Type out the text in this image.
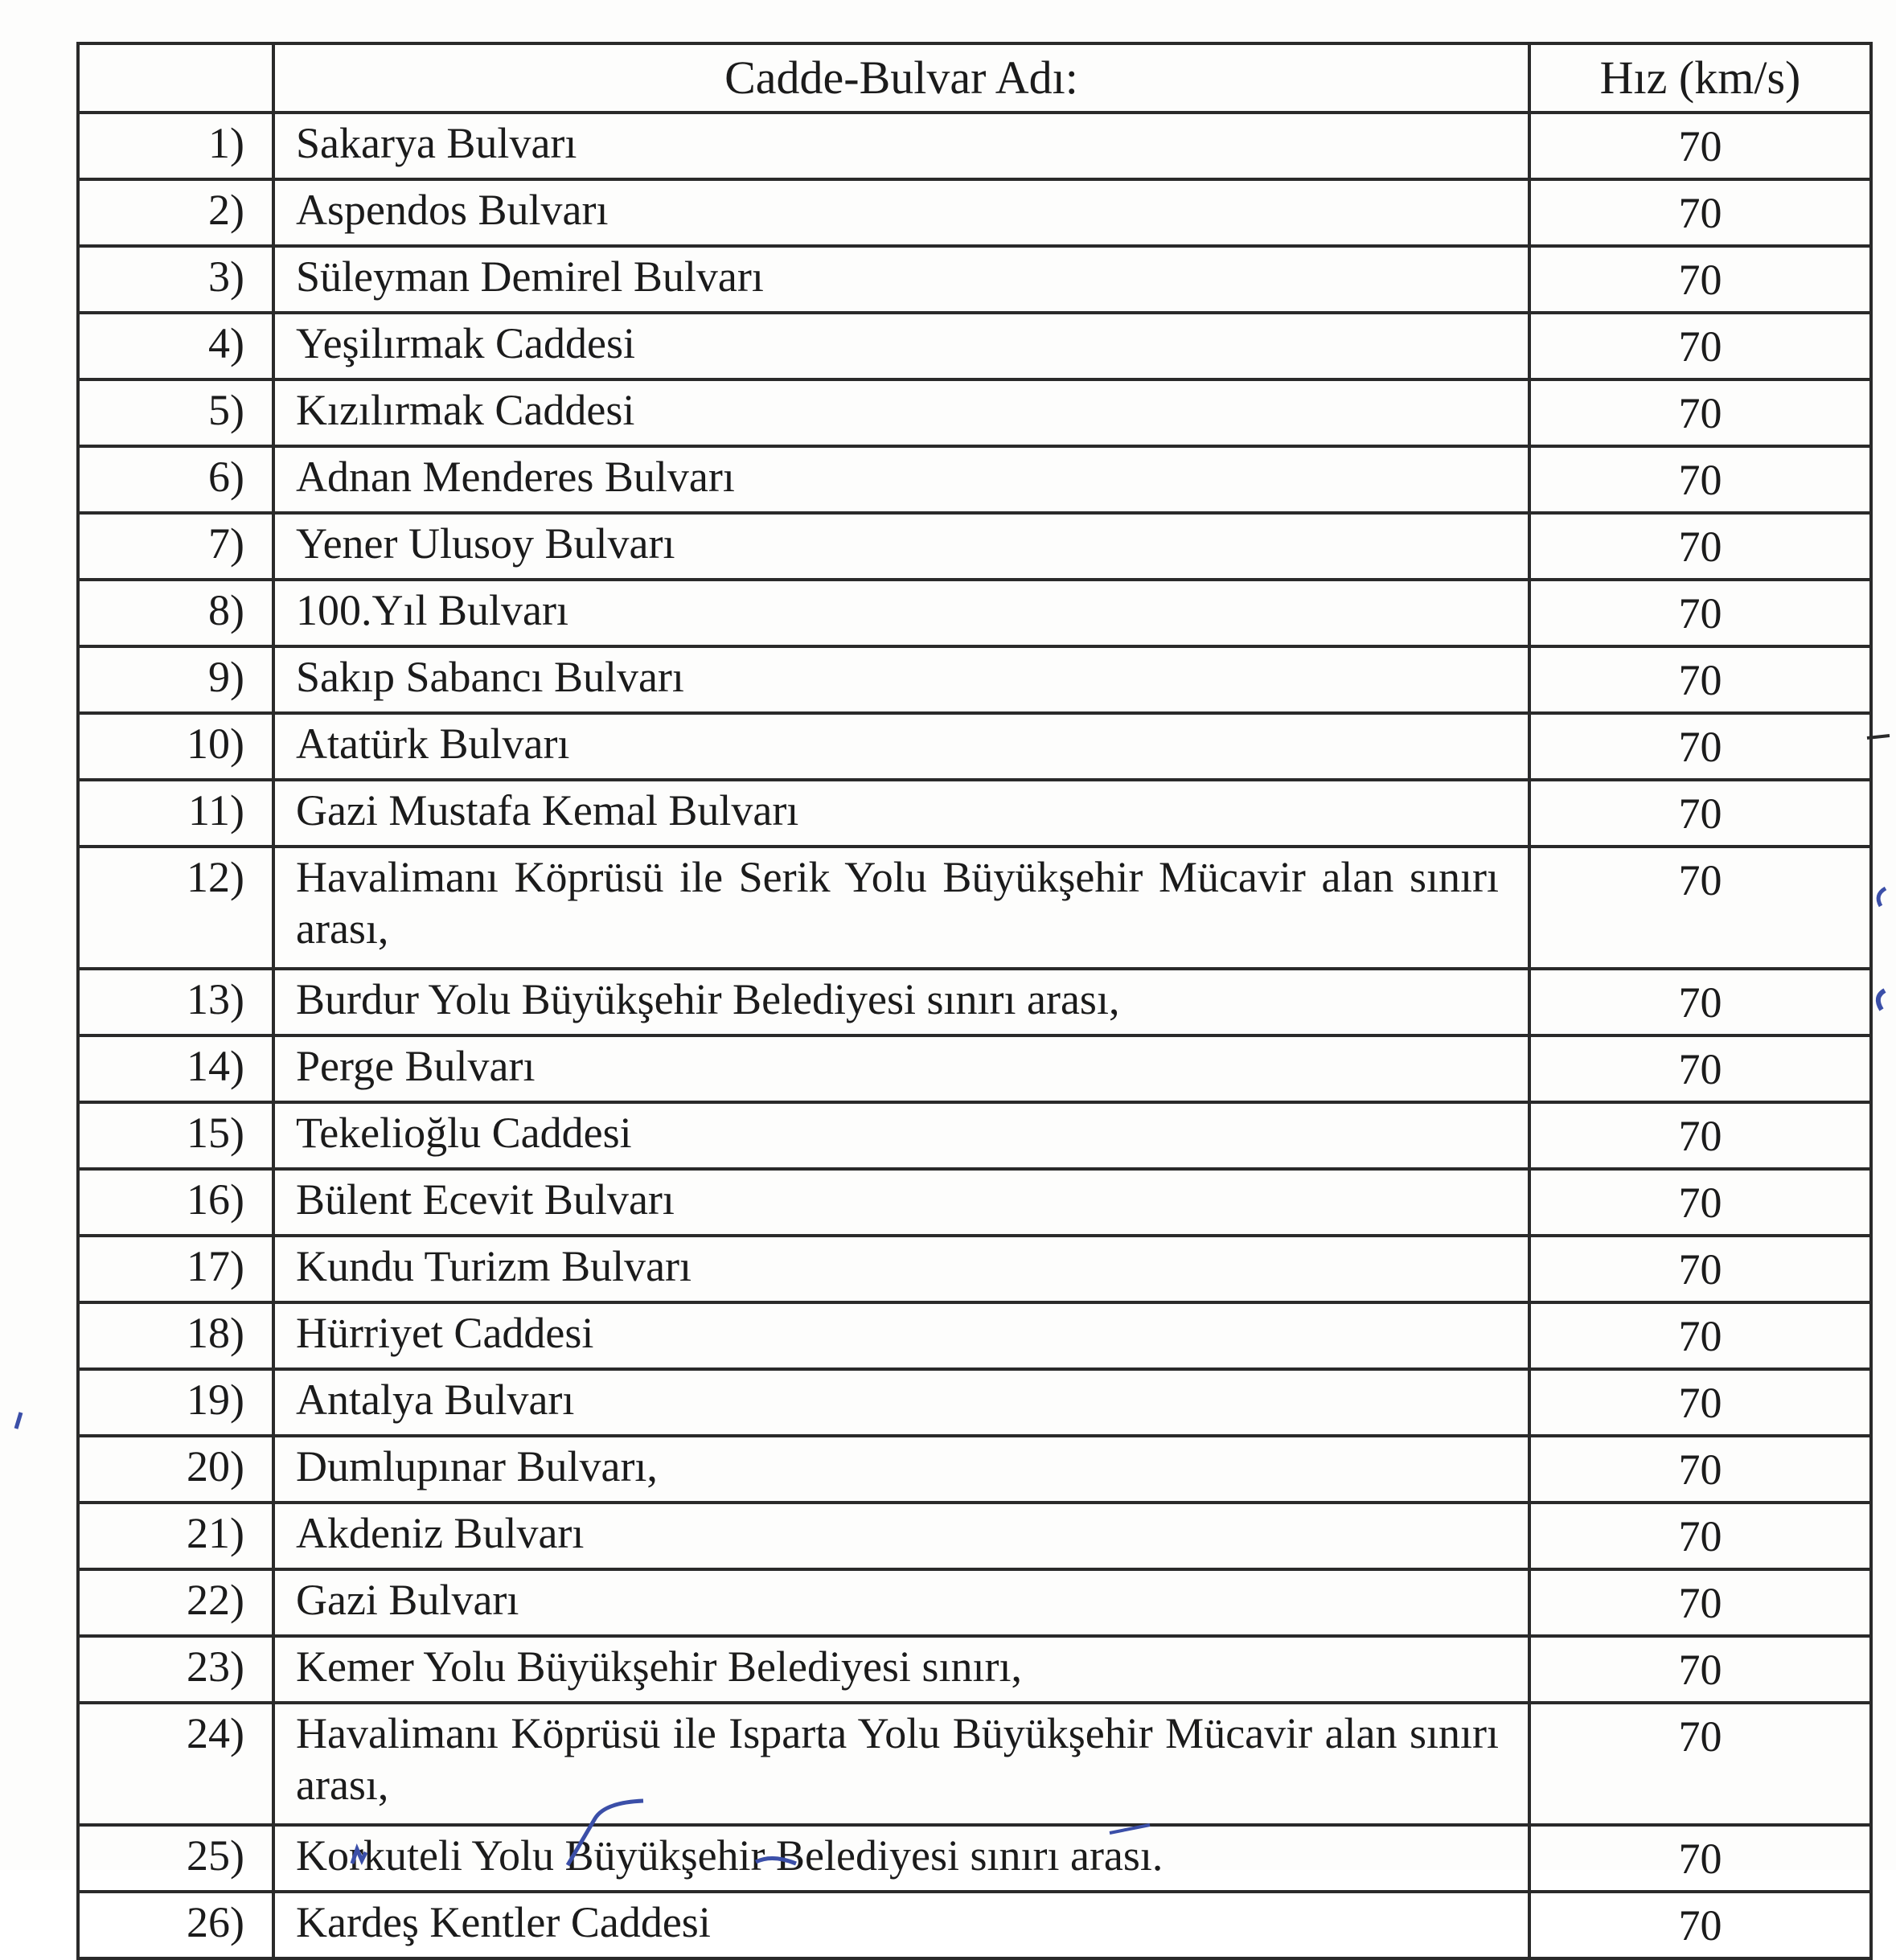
	Cadde-Bulvar Adı:	Hız (km/s)
1)	Sakarya Bulvarı	70
2)	Aspendos Bulvarı	70
3)	Süleyman Demirel Bulvarı	70
4)	Yeşilırmak Caddesi	70
5)	Kızılırmak Caddesi	70
6)	Adnan Menderes Bulvarı	70
7)	Yener Ulusoy Bulvarı	70
8)	100.Yıl Bulvarı	70
9)	Sakıp Sabancı Bulvarı	70
10)	Atatürk Bulvarı	70
11)	Gazi Mustafa Kemal Bulvarı	70
12)	Havalimanı Köprüsü ile Serik Yolu Büyükşehir Mücavir alan sınırı arası,	70
13)	Burdur Yolu Büyükşehir Belediyesi sınırı arası,	70
14)	Perge Bulvarı	70
15)	Tekelioğlu Caddesi	70
16)	Bülent Ecevit Bulvarı	70
17)	Kundu Turizm Bulvarı	70
18)	Hürriyet Caddesi	70
19)	Antalya Bulvarı	70
20)	Dumlupınar Bulvarı,	70
21)	Akdeniz Bulvarı	70
22)	Gazi Bulvarı	70
23)	Kemer Yolu Büyükşehir Belediyesi sınırı,	70
24)	Havalimanı Köprüsü ile Isparta Yolu Büyükşehir Mücavir alan sınırı arası,	70
25)	Korkuteli Yolu Büyükşehir Belediyesi sınırı arası.	70
26)	Kardeş Kentler Caddesi	70
